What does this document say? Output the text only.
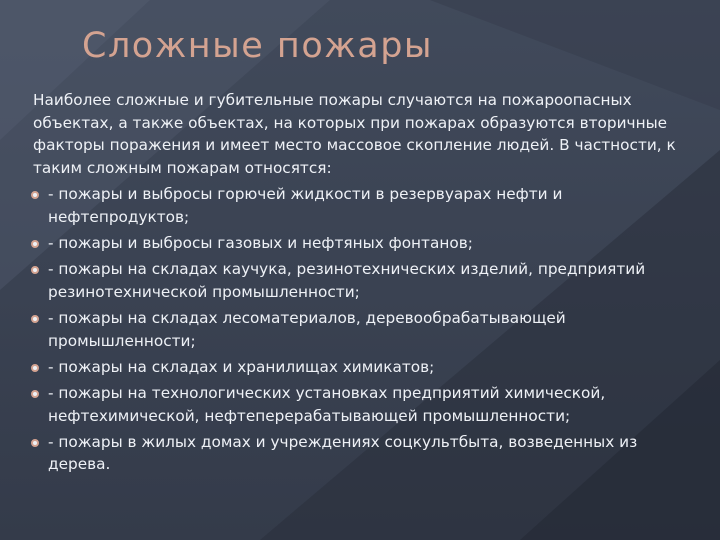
Сложные пожары

Наиболее сложные и губительные пожары случаются на пожароопасных объектах, а также объектах, на которых при пожарах образуются вторичные факторы поражения и имеет место массовое скопление людей. В частности, к таким сложным пожарам относятся:

- пожары и выбросы горючей жидкости в резервуарах нефти и нефтепродуктов;
- пожары и выбросы газовых и нефтяных фонтанов;
- пожары на складах каучука, резинотехнических изделий, предприятий резинотехнической промышленности;
- пожары на складах лесоматериалов, деревообрабатывающей промышленности;
- пожары на складах и хранилищах химикатов;
- пожары на технологических установках предприятий химической, нефтехимической, нефтеперерабатывающей промышленности;
- пожары в жилых домах и учреждениях соцкультбыта, возведенных из дерева.
